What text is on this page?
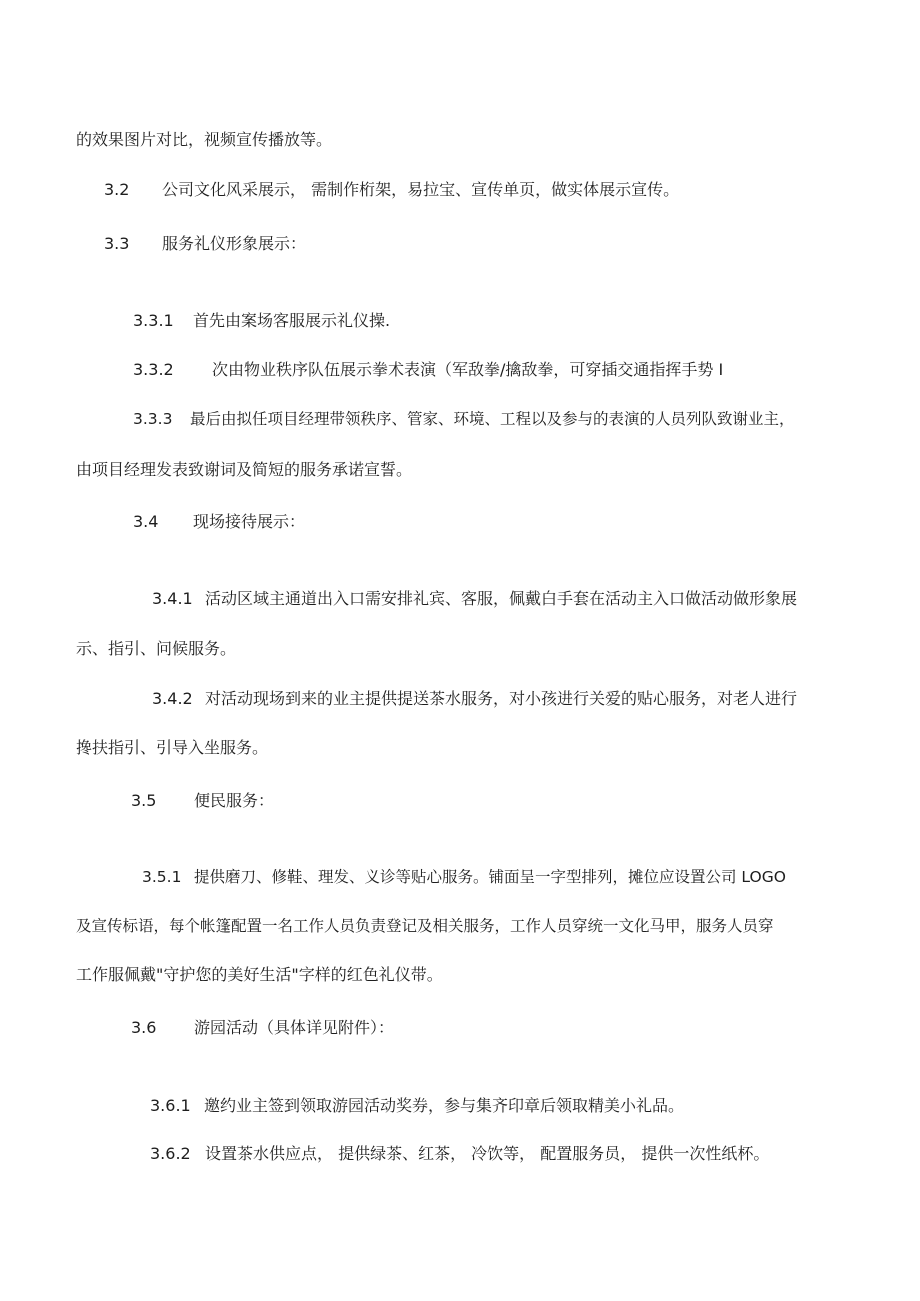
的效果图片对比，视频宣传播放等。
3.2 公司文化风采展示， 需制作桁架，易拉宝、宣传单页，做实体展示宣传。
3.3 服务礼仪形象展示：
3.3.1 首先由案场客服展示礼仪操.
3.3.2 次由物业秩序队伍展示拳术表演（军敌拳/擒敌拳，可穿插交通指挥手势 I
3.3.3 最后由拟任项目经理带领秩序、管家、环境、工程以及参与的表演的人员列队致谢业主，
由项目经理发表致谢词及简短的服务承诺宣誓。
3.4 现场接待展示：
3.4.1 活动区域主通道出入口需安排礼宾、客服，佩戴白手套在活动主入口做活动做形象展
示、指引、问候服务。
3.4.2 对活动现场到来的业主提供提送茶水服务，对小孩进行关爱的贴心服务，对老人进行
搀扶指引、引导入坐服务。
3.5 便民服务：
3.5.1 提供磨刀、修鞋、理发、义诊等贴心服务。铺面呈一字型排列，摊位应设置公司 LOGO
及宣传标语，每个帐篷配置一名工作人员负责登记及相关服务，工作人员穿统一文化马甲，服务人员穿
工作服佩戴"守护您的美好生活"字样的红色礼仪带。
3.6 游园活动（具体详见附件）：
3.6.1 邀约业主签到领取游园活动奖券，参与集齐印章后领取精美小礼品。
3.6.2 设置茶水供应点， 提供绿茶、红茶， 冷饮等， 配置服务员， 提供一次性纸杯。
